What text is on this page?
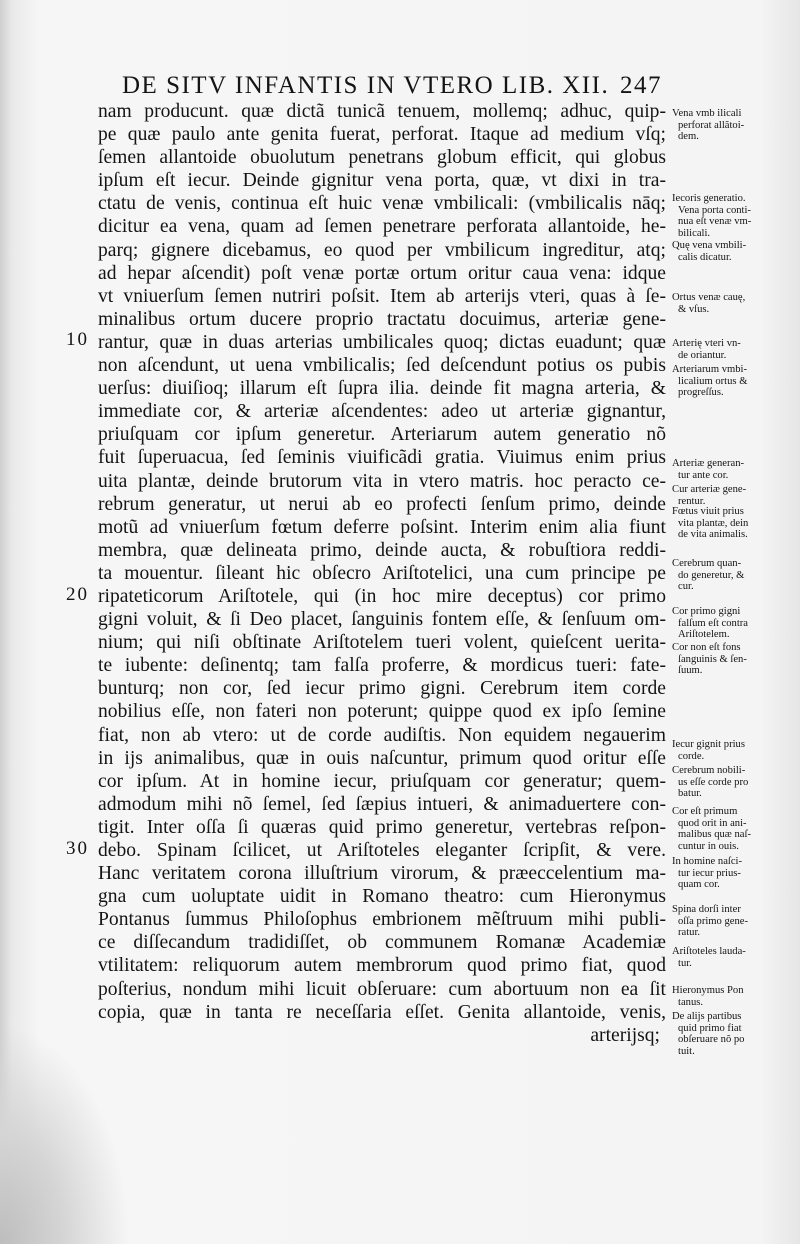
DE SITV INFANTIS IN VTERO LIB. XII. 247
10
20
30
nam producunt. quæ dictã tunicã tenuem, mollemq; adhuc, quip-
pe quæ paulo ante genita fuerat, perforat. Itaque ad medium vſq;
ſemen allantoide obuolutum penetrans globum efficit, qui globus
ipſum eſt iecur. Deinde gignitur vena porta, quæ, vt dixi in tra-
ctatu de venis, continua eſt huic venæ vmbilicali: (vmbilicalis nāq;
dicitur ea vena, quam ad ſemen penetrare perforata allantoide, he-
parq; gignere dicebamus, eo quod per vmbilicum ingreditur, atq;
ad hepar aſcendit) poſt venæ portæ ortum oritur caua vena: idque
vt vniuerſum ſemen nutriri poſsit. Item ab arterijs vteri, quas à ſe-
minalibus ortum ducere proprio tractatu docuimus, arteriæ gene-
rantur, quæ in duas arterias umbilicales quoq; dictas euadunt; quæ
non aſcendunt, ut uena vmbilicalis; ſed deſcendunt potius os pubis
uerſus: diuiſioq; illarum eſt ſupra ilia. deinde fit magna arteria, &
immediate cor, & arteriæ aſcendentes: adeo ut arteriæ gignantur,
priuſquam cor ipſum generetur. Arteriarum autem generatio nõ
fuit ſuperuacua, ſed ſeminis viuificãdi gratia. Viuimus enim prius
uita plantæ, deinde brutorum vita in vtero matris. hoc peracto ce-
rebrum generatur, ut nerui ab eo profecti ſenſum primo, deinde
motũ ad vniuerſum fœtum deferre poſsint. Interim enim alia fiunt
membra, quæ delineata primo, deinde aucta, & robuſtiora reddi-
ta mouentur. ſileant hic obſecro Ariſtotelici, una cum principe pe
ripateticorum Ariſtotele, qui (in hoc mire deceptus) cor primo
gigni voluit, & ſi Deo placet, ſanguinis fontem eſſe, & ſenſuum om-
nium; qui niſi obſtinate Ariſtotelem tueri volent, quieſcent ueritа-
te iubente: deſinentq; tam falſa proferre, & mordicus tueri: fate-
bunturq; non cor, ſed iecur primo gigni. Cerebrum item corde
nobilius eſſe, non fateri non poterunt; quippe quod ex ipſo ſemine
fiat, non ab vtero: ut de corde audiſtis. Non equidem negauerim
in ijs animalibus, quæ in ouis naſcuntur, primum quod oritur eſſe
cor ipſum. At in homine iecur, priuſquam cor generatur; quem-
admodum mihi nõ ſemel, ſed ſæpius intueri, & animaduertere con-
tigit. Inter oſſa ſi quæras quid primo generetur, vertebras reſpon-
debo. Spinam ſcilicet, ut Ariſtoteles eleganter ſcripſit, & vere.
Hanc veritatem corona illuſtrium virorum, & præeccelentium ma-
gna cum uoluptate uidit in Romano theatro: cum Hieronymus
Pontanus ſummus Philoſophus embrionem mẽſtruum mihi publi-
ce diſſecandum tradidiſſet, ob communem Romanæ Academiæ
vtilitatem: reliquorum autem membrorum quod primo fiat, quod
poſterius, nondum mihi licuit obſeruare: cum abortuum non ea ſit
copia, quæ in tanta re neceſſaria eſſet. Genita allantoide, venis,
arterijsq;
Vena vmb ilicali
perforat allãtoi-
dem.
Iecoris generatio.
Vena porta conti-
nua eſt venæ vm-
bilicali.
Quę vena vmbili-
calis dicatur.
Ortus venæ cauę,
& vſus.
Arterię vteri vn-
de oriantur.
Arteriarum vmbi-
licalium ortus &
progreſſus.
Arteriæ generan-
tur ante cor.
Cur arteriæ gene-
rentur.
Fœtus viuit prius
vita plantæ, dein
de vita animalis.
Cerebrum quan-
do generetur, &
cur.
Cor primo gigni
falſum eſt contra
Ariſtotelem.
Cor non eſt fons
ſanguinis & ſen-
ſuum.
Iecur gignit prius
corde.
Cerebrum nobili-
us eſſe corde pro
batur.
Cor eſt primum
quod orit in ani-
malibus quæ naſ-
cuntur in ouis.
In homine naſci-
tur iecur prius-
quam cor.
Spina dorſi inter
oſſa primo gene-
ratur.
Ariſtoteles lauda-
tur.
Hieronymus Pon
tanus.
De alijs partibus
quid primo fiat
obſeruare nõ po
tuit.
